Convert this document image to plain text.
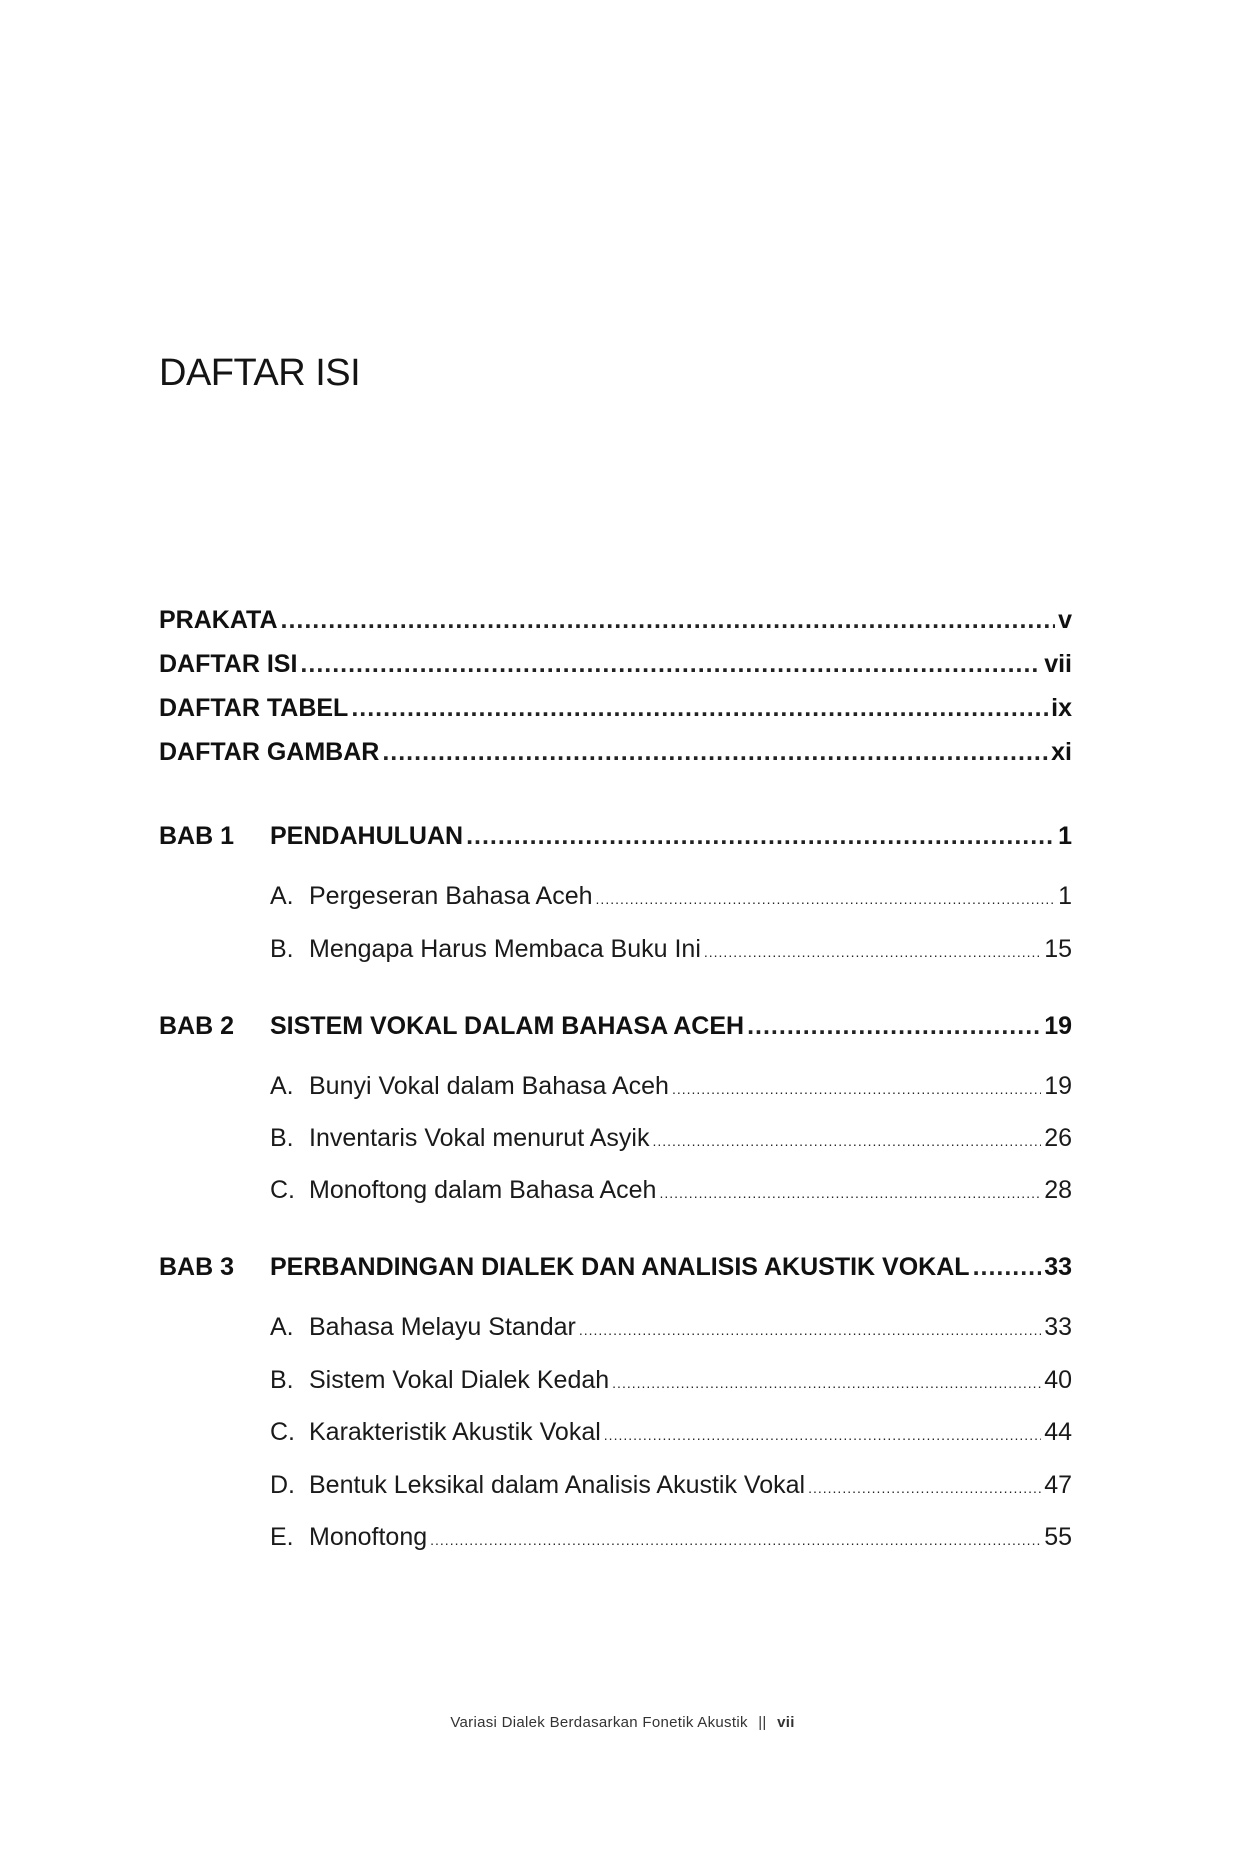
DAFTAR ISI
PRAKATA .....	v
DAFTAR ISI .....	vii
DAFTAR TABEL .....	ix
DAFTAR GAMBAR .....	xi
BAB 1	PENDAHULUAN .....	1
A. Pergeseran Bahasa Aceh .....	1
B. Mengapa Harus Membaca Buku Ini .....	15
BAB 2	SISTEM VOKAL DALAM BAHASA ACEH .....	19
A. Bunyi Vokal dalam Bahasa Aceh .....	19
B. Inventaris Vokal menurut Asyik .....	26
C. Monoftong dalam Bahasa Aceh .....	28
BAB 3	PERBANDINGAN DIALEK DAN ANALISIS AKUSTIK VOKAL .....	33
A. Bahasa Melayu Standar .....	33
B. Sistem Vokal Dialek Kedah .....	40
C. Karakteristik Akustik Vokal .....	44
D. Bentuk Leksikal dalam Analisis Akustik Vokal .....	47
E. Monoftong .....	55
Variasi Dialek Berdasarkan Fonetik Akustik || vii
